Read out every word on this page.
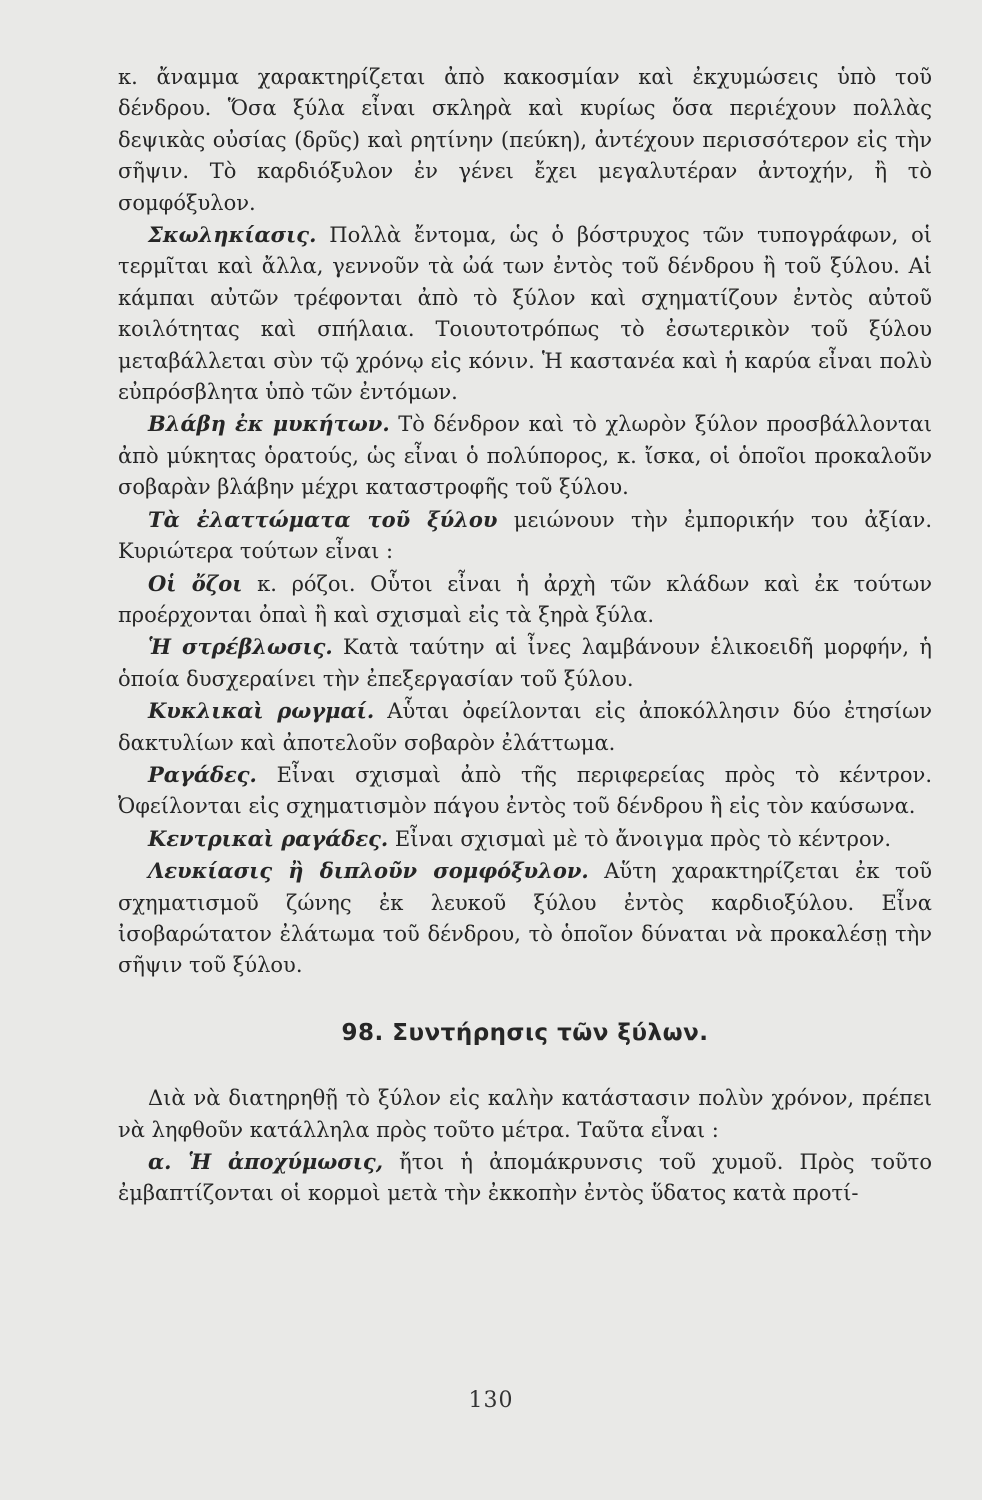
κ. ἄναμμα χαρακτηρίζεται ἀπὸ κακοσμίαν καὶ ἐκχυμώσεις ὑπὸ τοῦ δένδρου. Ὅσα ξύλα εἶναι σκληρὰ καὶ κυρίως ὅσα περιέχουν πολλὰς δεψικὰς οὐσίας (δρῦς) καὶ ρητίνην (πεύκη), ἀντέχουν περισσότερον εἰς τὴν σῆψιν. Τὸ καρδιόξυλον ἐν γένει ἔχει μεγαλυτέραν ἀντοχήν, ἢ τὸ σομφόξυλον.

Σκωληκίασις. Πολλὰ ἔντομα, ὡς ὁ βόστρυχος τῶν τυπογράφων, οἱ τερμῖται καὶ ἄλλα, γεννοῦν τὰ ὠά των ἐντὸς τοῦ δένδρου ἢ τοῦ ξύλου. Αἱ κάμπαι αὐτῶν τρέφονται ἀπὸ τὸ ξύλον καὶ σχηματίζουν ἐντὸς αὐτοῦ κοιλότητας καὶ σπήλαια. Τοιουτοτρόπως τὸ ἐσωτερικὸν τοῦ ξύλου μεταβάλλεται σὺν τῷ χρόνῳ εἰς κόνιν. Ἡ καστανέα καὶ ἡ καρύα εἶναι πολὺ εὐπρόσβλητα ὑπὸ τῶν ἐντόμων.

Βλάβη ἐκ μυκήτων. Τὸ δένδρον καὶ τὸ χλωρὸν ξύλον προσβάλλονται ἀπὸ μύκητας ὁρατούς, ὡς εἶναι ὁ πολύπορος, κ. ἴσκα, οἱ ὁποῖοι προκαλοῦν σοβαρὰν βλάβην μέχρι καταστροφῆς τοῦ ξύλου.

Τὰ ἐλαττώματα τοῦ ξύλου μειώνουν τὴν ἐμπορικήν του ἀξίαν. Κυριώτερα τούτων εἶναι :

Οἱ ὄζοι κ. ρόζοι. Οὗτοι εἶναι ἡ ἀρχὴ τῶν κλάδων καὶ ἐκ τούτων προέρχονται ὀπαὶ ἢ καὶ σχισμαὶ εἰς τὰ ξηρὰ ξύλα.

Ἡ στρέβλωσις. Κατὰ ταύτην αἱ ἶνες λαμβάνουν ἑλικοειδῆ μορφήν, ἡ ὁποία δυσχεραίνει τὴν ἐπεξεργασίαν τοῦ ξύλου.

Κυκλικαὶ ρωγμαί. Αὗται ὀφείλονται εἰς ἀποκόλλησιν δύο ἐτησίων δακτυλίων καὶ ἀποτελοῦν σοβαρὸν ἐλάττωμα.

Ραγάδες. Εἶναι σχισμαὶ ἀπὸ τῆς περιφερείας πρὸς τὸ κέντρον. Ὀφείλονται εἰς σχηματισμὸν πάγου ἐντὸς τοῦ δένδρου ἢ εἰς τὸν καύσωνα.

Κεντρικαὶ ραγάδες. Εἶναι σχισμαὶ μὲ τὸ ἄνοιγμα πρὸς τὸ κέντρον.

Λευκίασις ἢ διπλοῦν σομφόξυλον. Αὕτη χαρακτηρίζεται ἐκ τοῦ σχηματισμοῦ ζώνης ἐκ λευκοῦ ξύλου ἐντὸς καρδιοξύλου. Εἶνα ἰσοβαρώτατον ἐλάτωμα τοῦ δένδρου, τὸ ὁποῖον δύναται νὰ προκαλέσῃ τὴν σῆψιν τοῦ ξύλου.

98. Συντήρησις τῶν ξύλων.

Διὰ νὰ διατηρηθῇ τὸ ξύλον εἰς καλὴν κατάστασιν πολὺν χρόνον, πρέπει νὰ ληφθοῦν κατάλληλα πρὸς τοῦτο μέτρα. Ταῦτα εἶναι :

α. Ἡ ἀποχύμωσις, ἤτοι ἡ ἀπομάκρυνσις τοῦ χυμοῦ. Πρὸς τοῦτο ἐμβαπτίζονται οἱ κορμοὶ μετὰ τὴν ἐκκοπὴν ἐντὸς ὕδατος κατὰ προτί-

130
